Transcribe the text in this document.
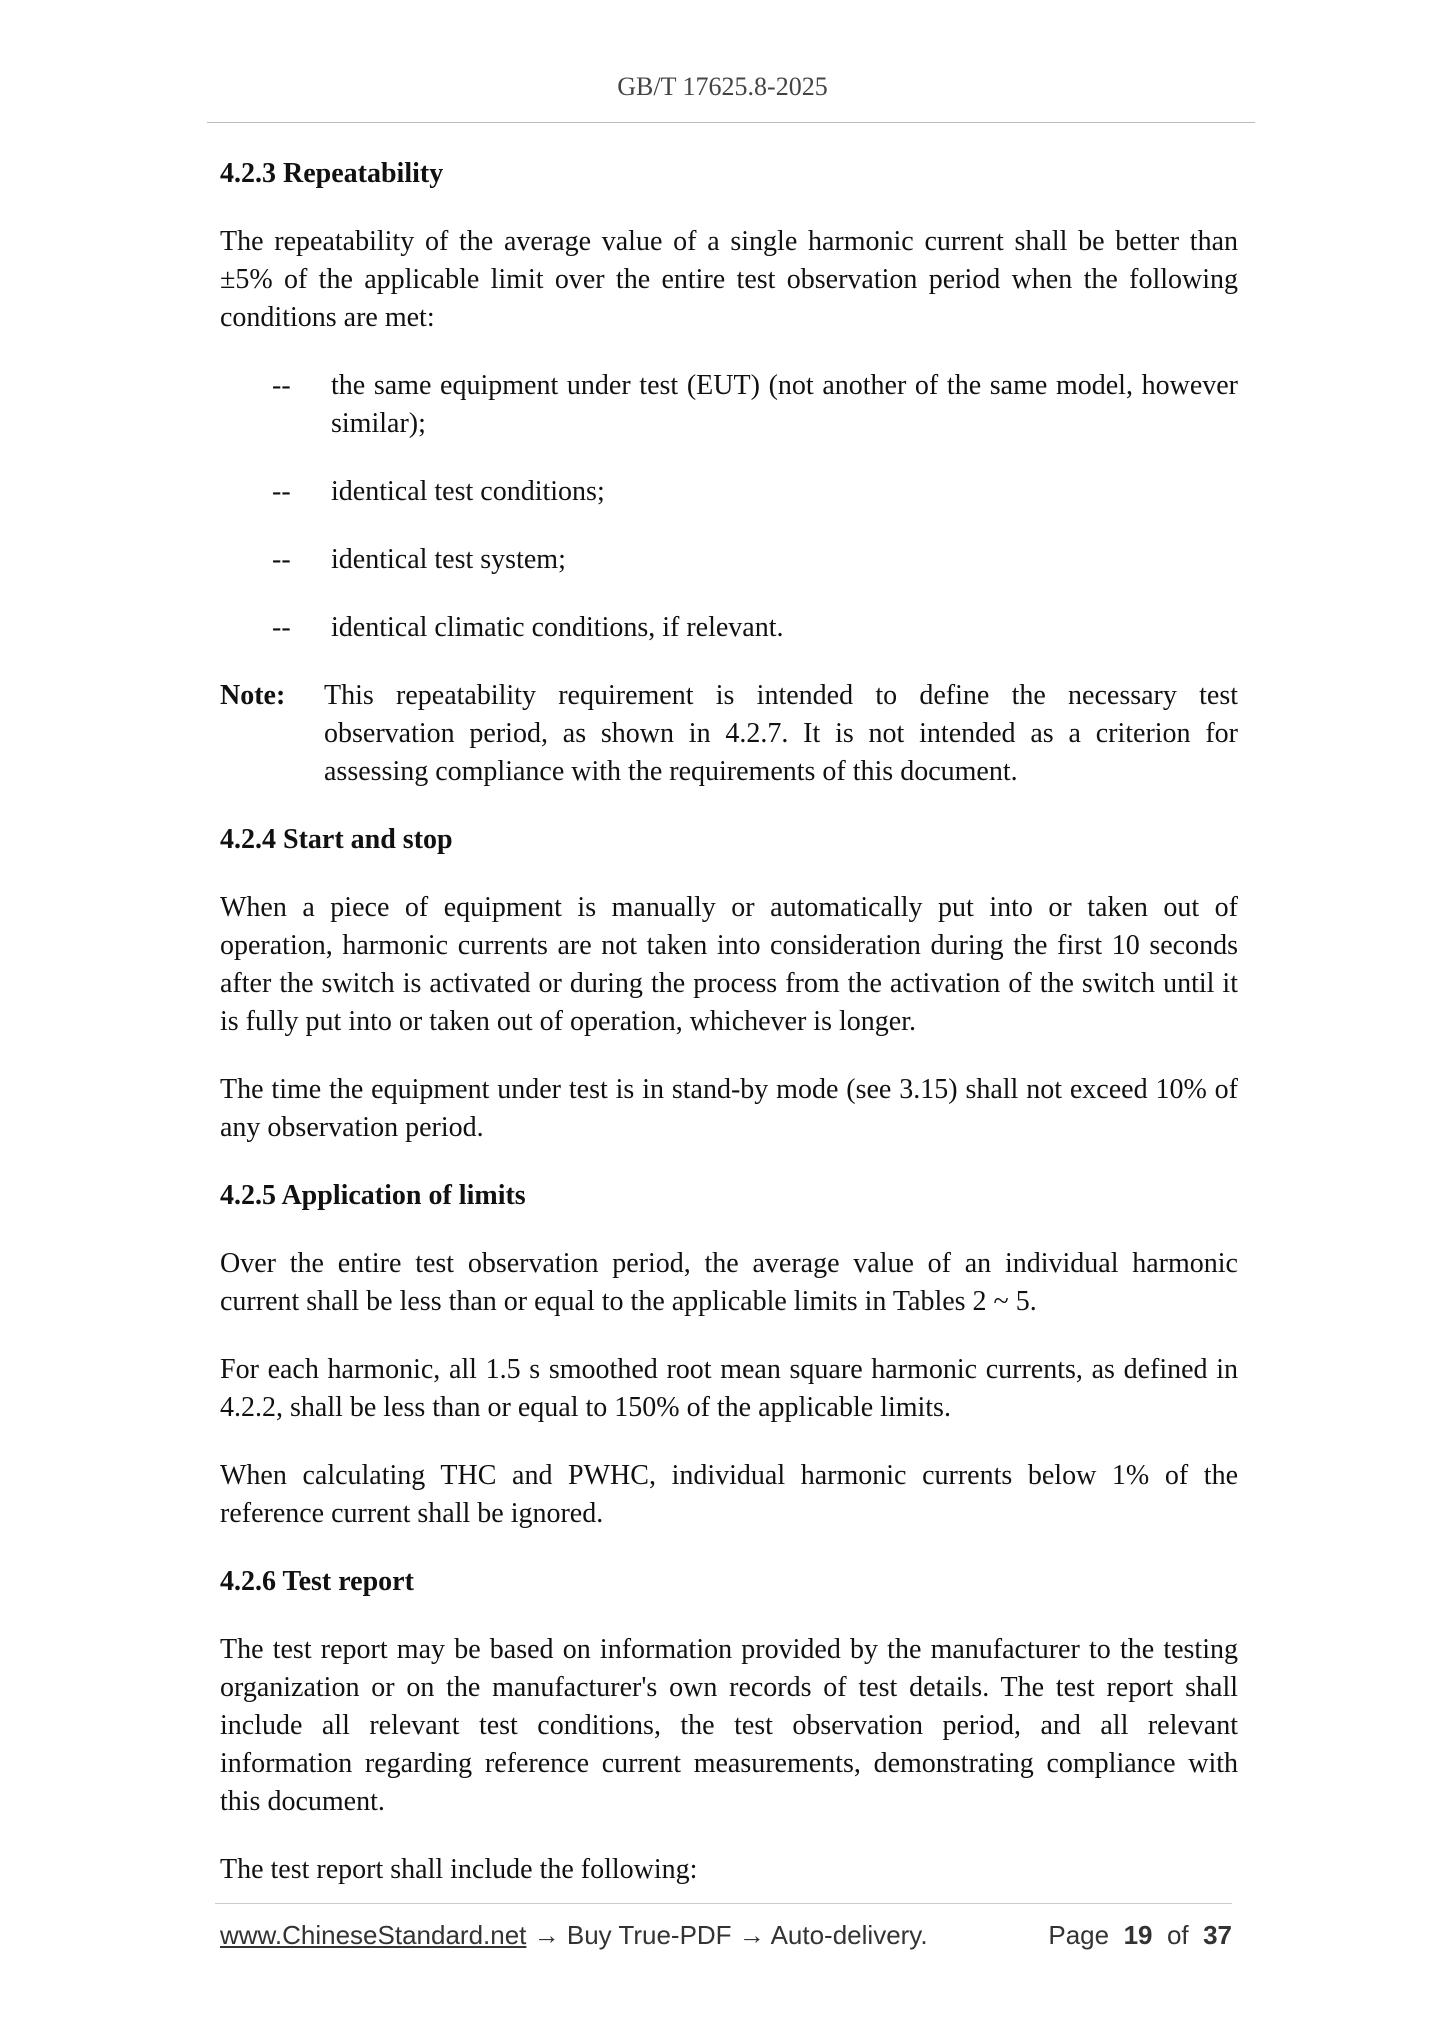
GB/T 17625.8-2025
4.2.3 Repeatability

The repeatability of the average value of a single harmonic current shall be better than ±5% of the applicable limit over the entire test observation period when the following conditions are met:

--	the same equipment under test (EUT) (not another of the same model, however similar);
--	identical test conditions;
--	identical test system;
--	identical climatic conditions, if relevant.
Note:	This repeatability requirement is intended to define the necessary test observation period, as shown in 4.2.7. It is not intended as a criterion for assessing compliance with the requirements of this document.
4.2.4 Start and stop

When a piece of equipment is manually or automatically put into or taken out of operation, harmonic currents are not taken into consideration during the first 10 seconds after the switch is activated or during the process from the activation of the switch until it is fully put into or taken out of operation, whichever is longer.

The time the equipment under test is in stand-by mode (see 3.15) shall not exceed 10% of any observation period.

4.2.5 Application of limits

Over the entire test observation period, the average value of an individual harmonic current shall be less than or equal to the applicable limits in Tables 2 ~ 5.

For each harmonic, all 1.5 s smoothed root mean square harmonic currents, as defined in 4.2.2, shall be less than or equal to 150% of the applicable limits.

When calculating THC and PWHC, individual harmonic currents below 1% of the reference current shall be ignored.

4.2.6 Test report

The test report may be based on information provided by the manufacturer to the testing organization or on the manufacturer's own records of test details. The test report shall include all relevant test conditions, the test observation period, and all relevant information regarding reference current measurements, demonstrating compliance with this document.

The test report shall include the following:

www.ChineseStandard.net → Buy True-PDF → Auto-delivery.	Page 19 of 37
